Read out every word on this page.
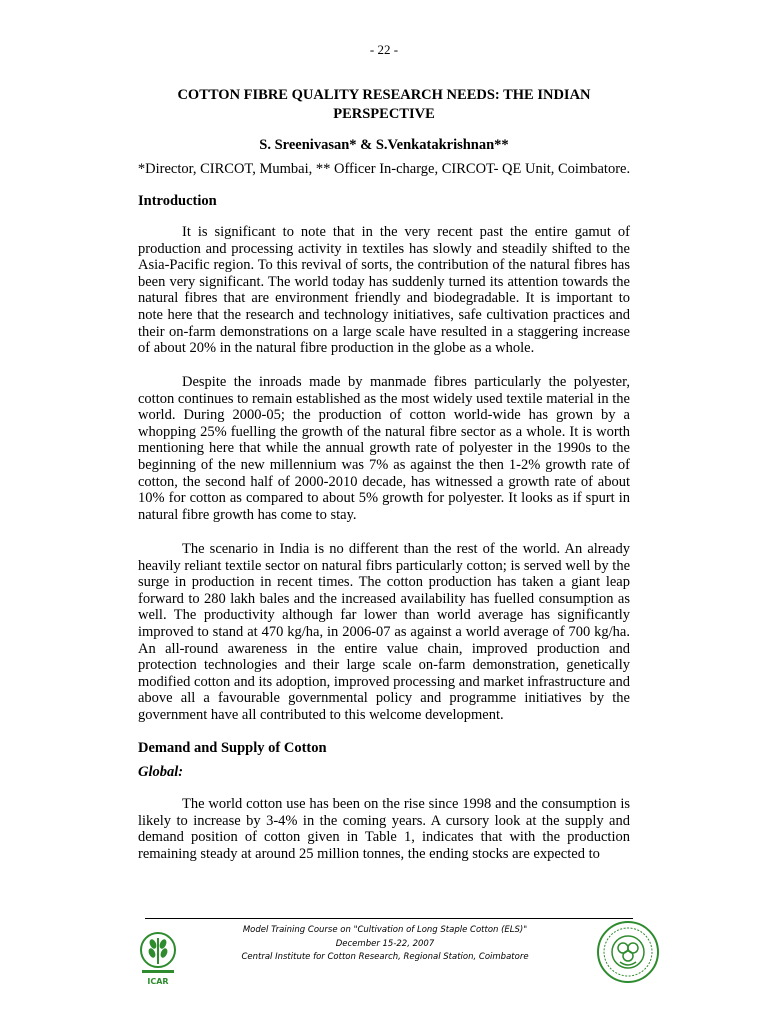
- 22 -
COTTON FIBRE QUALITY RESEARCH NEEDS: THE INDIAN PERSPECTIVE
S. Sreenivasan* & S.Venkatakrishnan**
*Director, CIRCOT, Mumbai, ** Officer In-charge, CIRCOT- QE Unit, Coimbatore.
Introduction

It is significant to note that in the very recent past the entire gamut of production and processing activity in textiles has slowly and steadily shifted to the Asia-Pacific region. To this revival of sorts, the contribution of the natural fibres has been very significant. The world today has suddenly turned its attention towards the natural fibres that are environment friendly and biodegradable. It is important to note here that the research and technology initiatives, safe cultivation practices and their on-farm demonstrations on a large scale have resulted in a staggering increase of about 20% in the natural fibre production in the globe as a whole.

Despite the inroads made by manmade fibres particularly the polyester, cotton continues to remain established as the most widely used textile material in the world. During 2000-05; the production of cotton world-wide has grown by a whopping 25% fuelling the growth of the natural fibre sector as a whole. It is worth mentioning here that while the annual growth rate of polyester in the 1990s to the beginning of the new millennium was 7% as against the then 1-2% growth rate of cotton, the second half of 2000-2010 decade, has witnessed a growth rate of about 10% for cotton as compared to about 5% growth for polyester. It looks as if spurt in natural fibre growth has come to stay.

The scenario in India is no different than the rest of the world. An already heavily reliant textile sector on natural fibrs particularly cotton; is served well by the surge in production in recent times. The cotton production has taken a giant leap forward to 280 lakh bales and the increased availability has fuelled consumption as well. The productivity although far lower than world average has significantly improved to stand at 470 kg/ha, in 2006-07 as against a world average of 700 kg/ha. An all-round awareness in the entire value chain, improved production and protection technologies and their large scale on-farm demonstration, genetically modified cotton and its adoption, improved processing and market infrastructure and above all a favourable governmental policy and programme initiatives by the government have all contributed to this welcome development.

Demand and Supply of Cotton
Global:

The world cotton use has been on the rise since 1998 and the consumption is likely to increase by 3-4% in the coming years. A cursory look at the supply and demand position of cotton given in Table 1, indicates that with the production remaining steady at around 25 million tonnes, the ending stocks are expected to

Model Training Course on "Cultivation of Long Staple Cotton (ELS)"
December 15-22, 2007
Central Institute for Cotton Research, Regional Station, Coimbatore
ICAR
